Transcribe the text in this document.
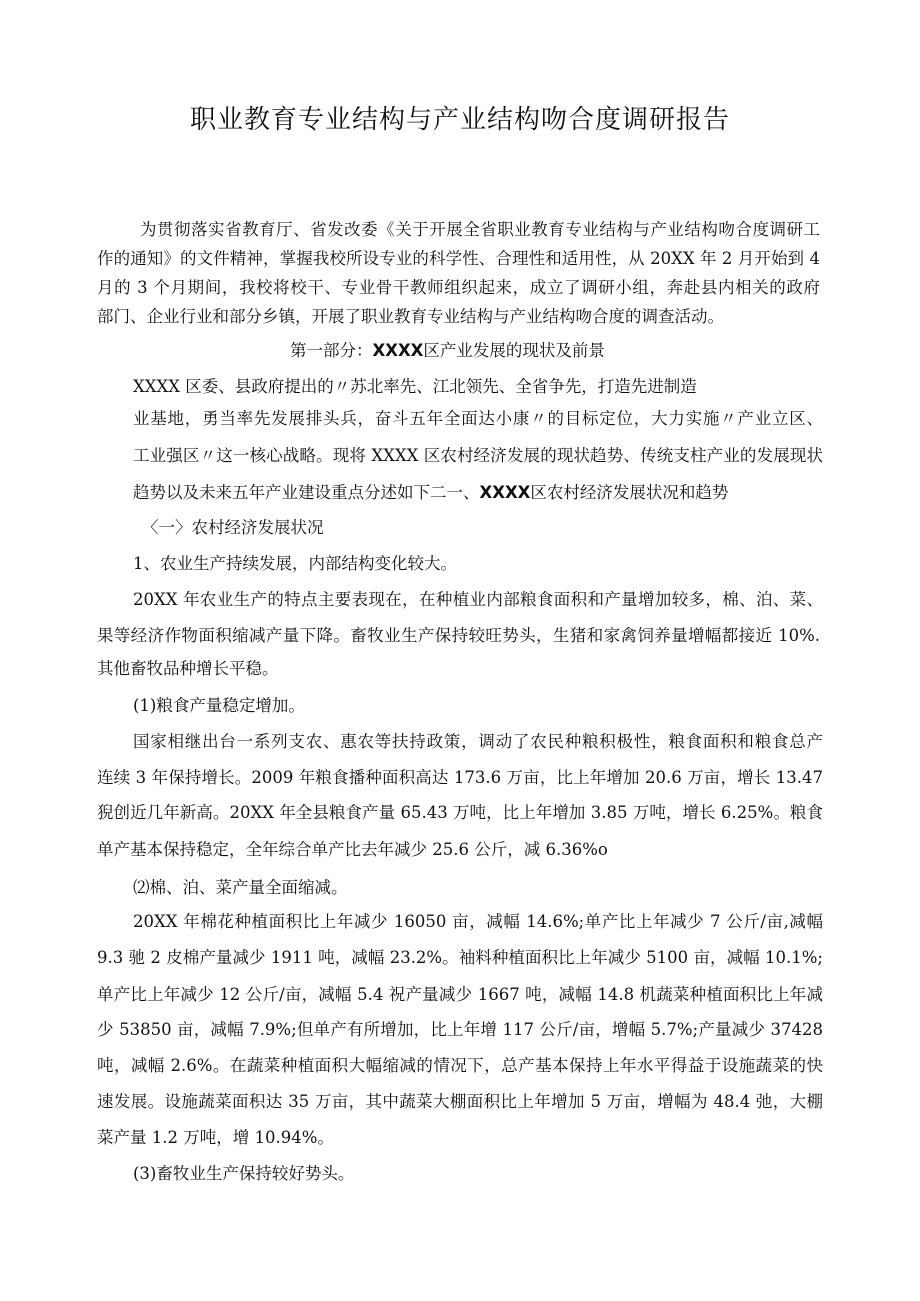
职业教育专业结构与产业结构吻合度调研报告
为贯彻落实省教育厅、省发改委《关于开展全省职业教育专业结构与产业结构吻合度调研工
作的通知》的文件精神，掌握我校所设专业的科学性、合理性和适用性，从 20XX 年 2 月开始到 4
月的 3 个月期间，我校将校干、专业骨干教师组织起来，成立了调研小组，奔赴县内相关的政府
部门、企业行业和部分乡镇，开展了职业教育专业结构与产业结构吻合度的调查活动。
第一部分：XXXX区产业发展的现状及前景
XXXX 区委、县政府提出的〃苏北率先、江北领先、全省争先，打造先进制造
业基地，勇当率先发展排头兵，奋斗五年全面达小康〃的目标定位，大力实施〃产业立区、
工业强区〃这一核心战略。现将 XXXX 区农村经济发展的现状趋势、传统支柱产业的发展现状
趋势以及未来五年产业建设重点分述如下二一、XXXX区农村经济发展状况和趋势
〈一〉农村经济发展状况
1、农业生产持续发展，内部结构变化较大。
20XX 年农业生产的特点主要表现在，在种植业内部粮食面积和产量增加较多，棉、泊、菜、
果等经济作物面积缩减产量下降。畜牧业生产保持较旺势头，生猪和家禽饲养量增幅都接近 10%.
其他畜牧品种增长平稳。
(1)粮食产量稳定增加。
国家相继出台一系列支农、惠农等扶持政策，调动了农民种粮积极性，粮食面积和粮食总产
连续 3 年保持增长。2009 年粮食播种面积高达 173.6 万亩，比上年增加 20.6 万亩，增长 13.47
猊创近几年新高。20XX 年全县粮食产量 65.43 万吨，比上年增加 3.85 万吨，增长 6.25%。粮食
单产基本保持稳定，全年综合单产比去年减少 25.6 公斤，减 6.36%o
⑵棉、泊、菜产量全面缩减。
20XX 年棉花种植面积比上年减少 16050 亩，减幅 14.6%;单产比上年减少 7 公斤/亩,减幅
9.3 驰 2 皮棉产量减少 1911 吨，减幅 23.2%。袖料种植面积比上年减少 5100 亩，减幅 10.1%;
单产比上年减少 12 公斤/亩，减幅 5.4 祝产量减少 1667 吨，减幅 14.8 机蔬菜种植面积比上年减
少 53850 亩，减幅 7.9%;但单产有所增加，比上年增 117 公斤/亩，增幅 5.7%;产量减少 37428
吨，减幅 2.6%。在蔬菜种植面积大幅缩减的情况下，总产基本保持上年水平得益于设施蔬菜的快
速发展。设施蔬菜面积达 35 万亩，其中蔬菜大棚面积比上年增加 5 万亩，增幅为 48.4 弛，大棚
菜产量 1.2 万吨，增 10.94%。
(3)畜牧业生产保持较好势头。
